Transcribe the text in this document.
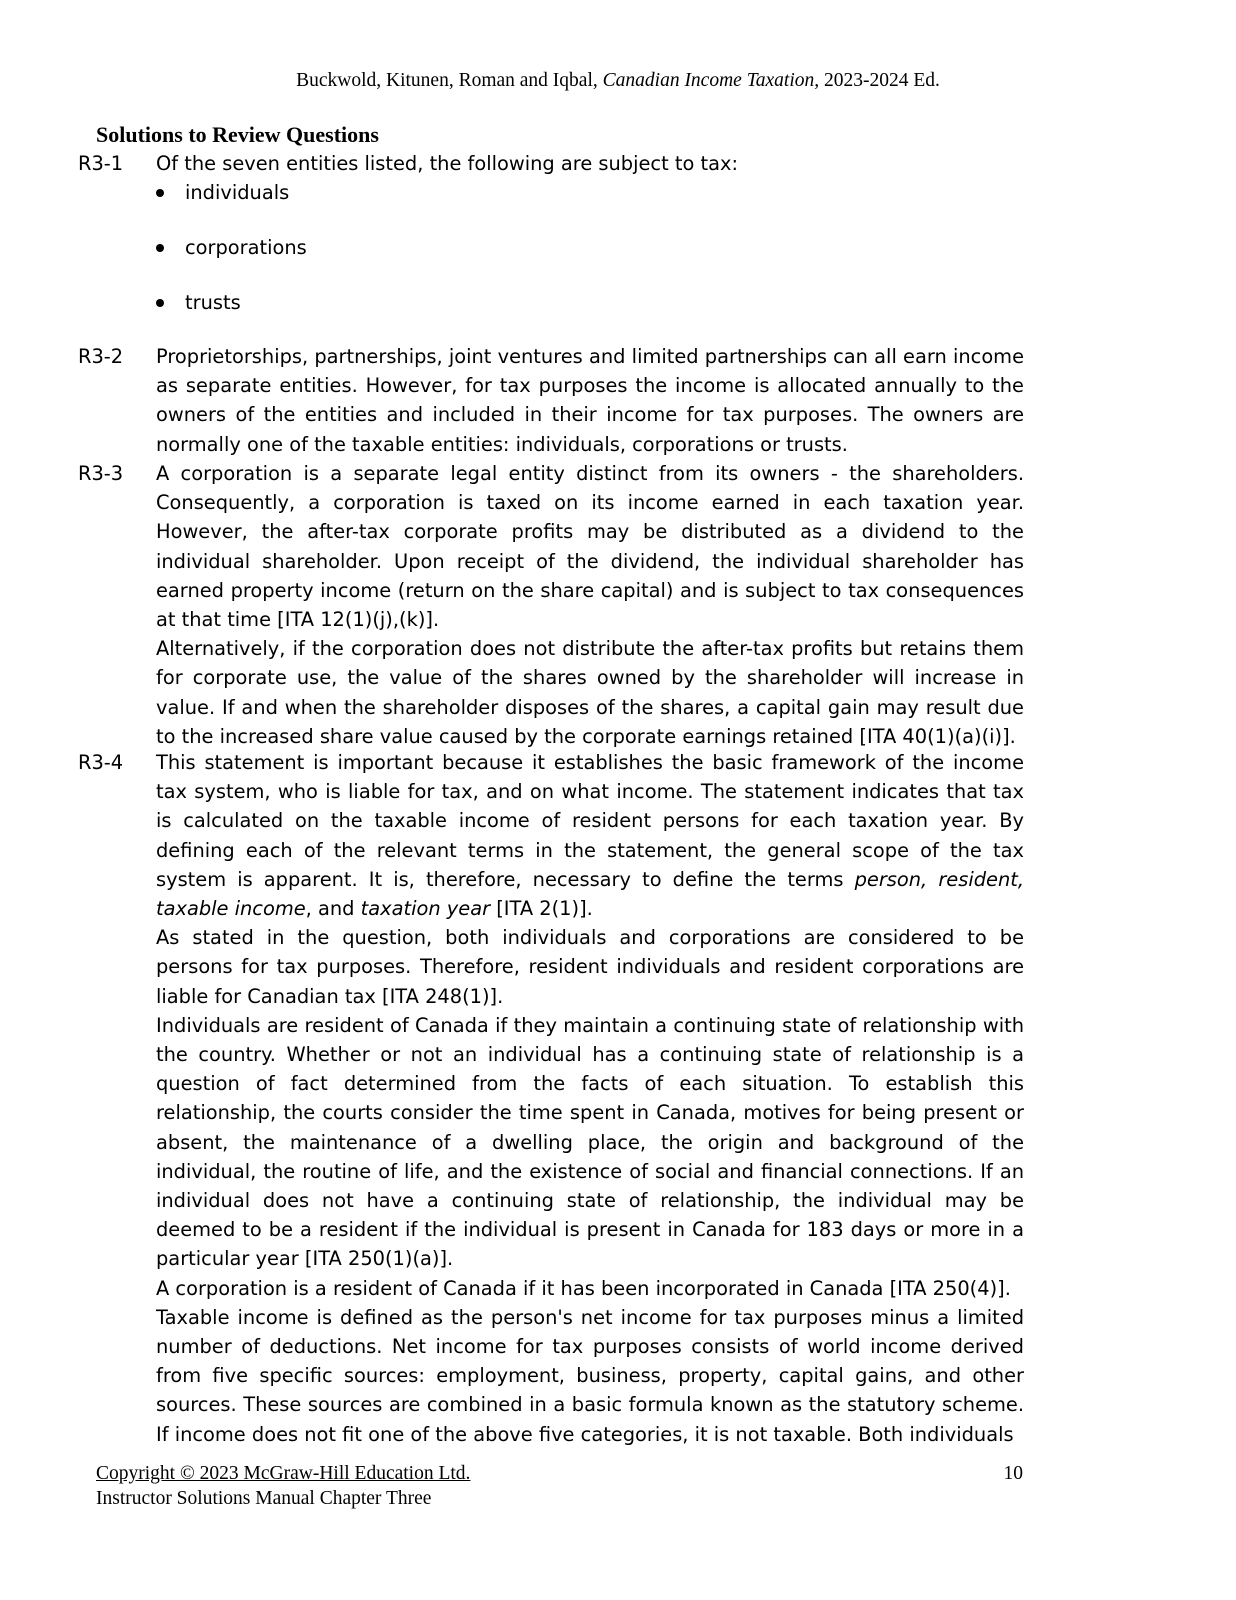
Buckwold, Kitunen, Roman and Iqbal, Canadian Income Taxation, 2023-2024 Ed.
Solutions to Review Questions
R3-1	Of the seven entities listed, the following are subject to tax:

individuals
corporations
trusts
R3-2	Proprietorships, partnerships, joint ventures and limited partnerships can all earn income as separate entities. However, for tax purposes the income is allocated annually to the owners of the entities and included in their income for tax purposes. The owners are normally one of the taxable entities: individuals, corporations or trusts.

R3-3	A corporation is a separate legal entity distinct from its owners - the shareholders. Consequently, a corporation is taxed on its income earned in each taxation year. However, the after-tax corporate profits may be distributed as a dividend to the individual shareholder. Upon receipt of the dividend, the individual shareholder has earned property income (return on the share capital) and is subject to tax consequences at that time [ITA 12(1)(j),(k)].

Alternatively, if the corporation does not distribute the after-tax profits but retains them for corporate use, the value of the shares owned by the shareholder will increase in value. If and when the shareholder disposes of the shares, a capital gain may result due to the increased share value caused by the corporate earnings retained [ITA 40(1)(a)(i)].

R3-4	This statement is important because it establishes the basic framework of the income tax system, who is liable for tax, and on what income. The statement indicates that tax is calculated on the taxable income of resident persons for each taxation year. By defining each of the relevant terms in the statement, the general scope of the tax system is apparent. It is, therefore, necessary to define the terms person, resident, taxable income, and taxation year [ITA 2(1)].

As stated in the question, both individuals and corporations are considered to be persons for tax purposes. Therefore, resident individuals and resident corporations are liable for Canadian tax [ITA 248(1)].

Individuals are resident of Canada if they maintain a continuing state of relationship with the country. Whether or not an individual has a continuing state of relationship is a question of fact determined from the facts of each situation. To establish this relationship, the courts consider the time spent in Canada, motives for being present or absent, the maintenance of a dwelling place, the origin and background of the individual, the routine of life, and the existence of social and financial connections. If an individual does not have a continuing state of relationship, the individual may be deemed to be a resident if the individual is present in Canada for 183 days or more in a particular year [ITA 250(1)(a)].

A corporation is a resident of Canada if it has been incorporated in Canada [ITA 250(4)].

Taxable income is defined as the person's net income for tax purposes minus a limited number of deductions. Net income for tax purposes consists of world income derived from five specific sources: employment, business, property, capital gains, and other sources. These sources are combined in a basic formula known as the statutory scheme. If income does not fit one of the above five categories, it is not taxable. Both individuals

Copyright © 2023 McGraw-Hill Education Ltd.
Instructor Solutions Manual Chapter Three
10
